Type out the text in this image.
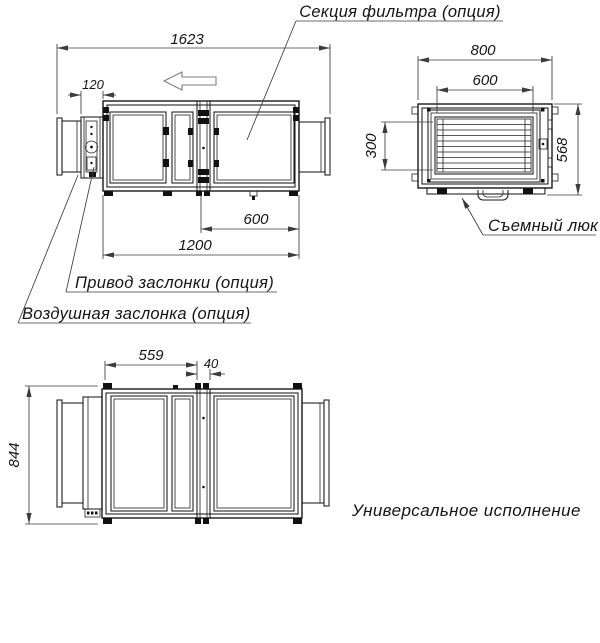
1623
120
600
1200
Секция фильтра (опция)
Привод заслонки (опция)
Воздушная заслонка (опция)
800
600
300	568
Съемный люк
559	40
844
Универсальное исполнение
